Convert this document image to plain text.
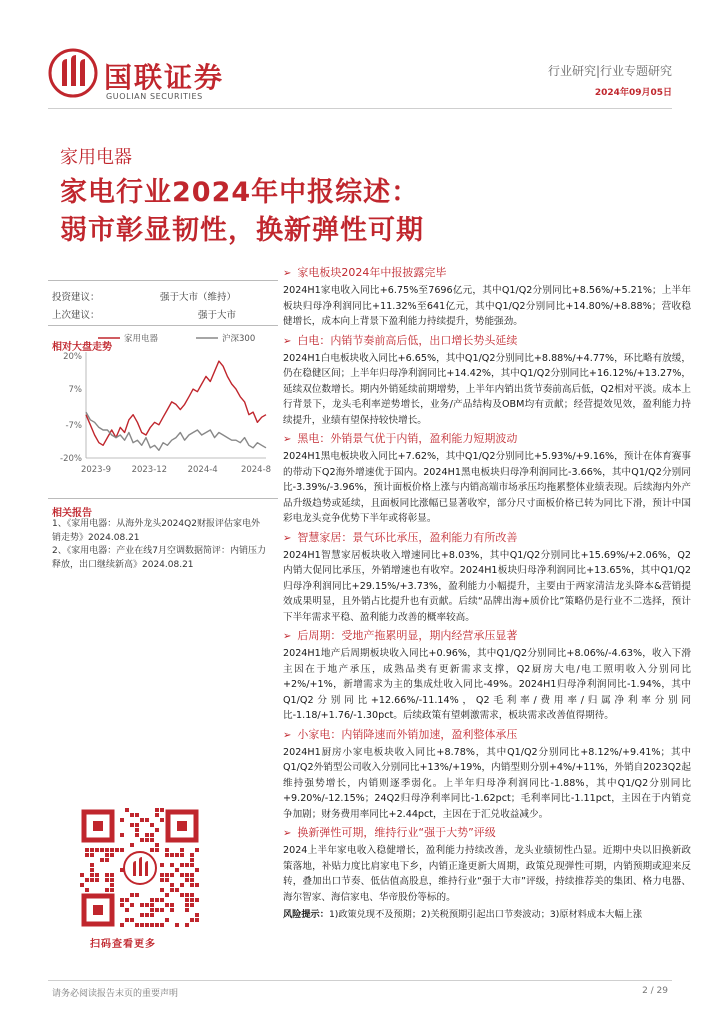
国联证券
GUOLIAN SECURITIES
行业研究|行业专题研究
2024年09月05日
家用电器
家电行业2024年中报综述：
弱市彰显韧性，换新弹性可期
投资建议：	强于大市（维持）
上次建议：	强于大市
相对大盘走势
家用电器	沪深300
20%
7%
-7%
-20%
2023-9 2023-12 2024-4	2024-8
相关报告

1、《家用电器：从海外龙头2024Q2财报评估家电外销走势》2024.08.21

2、《家用电器：产业在线7月空调数据简评：内销压力释放，出口继续新高》2024.08.21

扫码查看更多
➢ 家电板块2024年中报披露完毕

2024H1家电收入同比+6.75%至7696亿元，其中Q1/Q2分别同比+8.56%/+5.21%；上半年板块归母净利润同比+11.32%至641亿元，其中Q1/Q2分别同比+14.80%/+8.88%；营收稳健增长，成本向上背景下盈利能力持续提升，势能强劲。

➢ 白电：内销节奏前高后低，出口增长势头延续

2024H1白电板块收入同比+6.65%，其中Q1/Q2分别同比+8.88%/+4.77%，环比略有放缓，仍在稳健区间；上半年归母净利润同比+14.42%，其中Q1/Q2分别同比+16.12%/+13.27%，延续双位数增长。期内外销延续前期增势，上半年内销出货节奏前高后低，Q2相对平淡。成本上行背景下，龙头毛利率逆势增长，业务/产品结构及OBM均有贡献；经营提效见效，盈利能力持续提升，业绩有望保持较快增长。

➢ 黑电：外销景气优于内销，盈利能力短期波动

2024H1黑电板块收入同比+7.62%，其中Q1/Q2分别同比+5.93%/+9.16%，预计在体育赛事的带动下Q2海外增速优于国内。2024H1黑电板块归母净利润同比-3.66%，其中Q1/Q2分别同比-3.39%/-3.96%，预计面板价格上涨与内销高端市场承压均拖累整体业绩表现。后续海内外产品升级趋势或延续，且面板同比涨幅已显著收窄，部分尺寸面板价格已转为同比下滑，预计中国彩电龙头竞争优势下半年或将彰显。

➢ 智慧家居：景气环比承压，盈利能力有所改善

2024H1智慧家居板块收入增速同比+8.03%，其中Q1/Q2分别同比+15.69%/+2.06%，Q2内销大促同比承压，外销增速也有收窄。2024H1板块归母净利润同比+13.65%，其中Q1/Q2归母净利润同比+29.15%/+3.73%，盈利能力小幅提升，主要由于两家清洁龙头降本&营销提效成果明显，且外销占比提升也有贡献。后续“品牌出海+质价比”策略仍是行业不二选择，预计下半年需求平稳、盈利能力改善的概率较高。

➢ 后周期：受地产拖累明显，期内经营承压显著

2024H1地产后周期板块收入同比+0.96%，其中Q1/Q2分别同比+8.06%/-4.63%，收入下滑主因在于地产承压，成熟品类有更新需求支撑，Q2厨房大电/电工照明收入分别同比+2%/+1%，新增需求为主的集成灶收入同比-49%。2024H1归母净利润同比-1.94%，其中Q1/Q2分别同比+12.66%/-11.14%，Q2毛利率/费用率/归属净利率分别同比-1.18/+1.76/-1.30pct。后续政策有望刺激需求，板块需求改善值得期待。

➢ 小家电：内销降速而外销加速，盈利整体承压

2024H1厨房小家电板块收入同比+8.78%，其中Q1/Q2分别同比+8.12%/+9.41%；其中Q1/Q2外销型公司收入分别同比+13%/+19%，内销型则分别+4%/+11%，外销自2023Q2起维持强势增长，内销则逐季弱化。上半年归母净利润同比-1.88%，其中Q1/Q2分别同比+9.20%/-12.15%；24Q2归母净利率同比-1.62pct；毛利率同比-1.11pct，主因在于内销竞争加剧；财务费用率同比+2.44pct，主因在于汇兑收益减少。

➢ 换新弹性可期，维持行业“强于大势”评级

2024上半年家电收入稳健增长，盈利能力持续改善，龙头业绩韧性凸显。近期中央以旧换新政策落地，补贴力度比肩家电下乡，内销正逢更新大周期，政策兑现弹性可期，内销预期或迎来反转，叠加出口节奏、低估值高股息，维持行业“强于大市”评级，持续推荐美的集团、格力电器、海尔智家、海信家电、华帝股份等标的。

风险提示：1)政策兑现不及预期；2)关税预期引起出口节奏波动；3)原材料成本大幅上涨
请务必阅读报告末页的重要声明	2 / 29
